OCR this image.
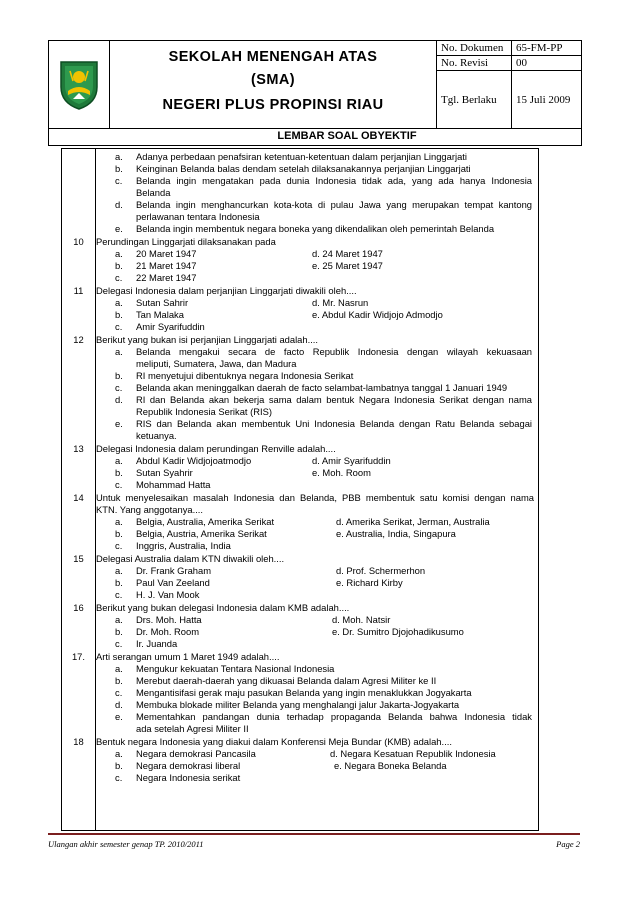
SEKOLAH MENENGAH ATAS
(SMA)
NEGERI PLUS PROPINSI RIAU
No. Dokumen	65-FM-PP
No. Revisi	00
Tgl. Berlaku	15 Juli 2009
LEMBAR SOAL OBYEKTIF
a. Adanya perbedaan penafsiran ketentuan-ketentuan dalam perjanjian Linggarjati
b. Keinginan Belanda balas dendam setelah dilaksanakannya perjanjian Linggarjati
c. Belanda ingin mengatakan pada dunia Indonesia tidak ada, yang ada hanya Indonesia
Belanda
d. Belanda ingin menghancurkan kota-kota di pulau Jawa yang merupakan tempat kantong
perlawanan tentara Indonesia
e. Belanda ingin membentuk negara boneka yang dikendalikan oleh pemerintah Belanda
10	Perundingan Linggarjati dilaksanakan pada
a. 20 Maret 1947	d. 24 Maret 1947
b. 21 Maret 1947	e. 25 Maret 1947
c. 22 Maret 1947
11	Delegasi Indonesia dalam perjanjian Linggarjati diwakili oleh....
a. Sutan Sahrir	d. Mr. Nasrun
b. Tan Malaka	e. Abdul Kadir Widjojo Admodjo
c. Amir Syarifuddin
12	Berikut yang bukan isi perjanjian Linggarjati adalah....
a. Belanda mengakui secara de facto Republik Indonesia dengan wilayah kekuasaan
meliputi, Sumatera, Jawa, dan Madura
b. RI menyetujui dibentuknya negara Indonesia Serikat
c. Belanda akan meninggalkan daerah de facto selambat-lambatnya tanggal 1 Januari 1949
d. RI dan Belanda akan bekerja sama dalam bentuk Negara Indonesia Serikat dengan nama
Republik Indonesia Serikat (RIS)
e. RIS dan Belanda akan membentuk Uni Indonesia Belanda dengan Ratu Belanda sebagai
ketuanya.
13	Delegasi Indonesia dalam perundingan Renville adalah....
a. Abdul Kadir Widjojoatmodjo	d. Amir Syarifuddin
b. Sutan Syahrir	e. Moh. Room
c. Mohammad Hatta
14	Untuk menyelesaikan masalah Indonesia dan Belanda, PBB membentuk satu komisi dengan nama
KTN. Yang anggotanya....
a. Belgia, Australia, Amerika Serikat	d. Amerika Serikat, Jerman, Australia
b. Belgia, Austria, Amerika Serikat	e. Australia, India, Singapura
c. Inggris, Australia, India
15	Delegasi Australia dalam KTN diwakili oleh....
a. Dr. Frank Graham	d. Prof. Schermerhon
b. Paul Van Zeeland	e. Richard Kirby
c. H. J. Van Mook
16	Berikut yang bukan delegasi Indonesia dalam KMB adalah....
a. Drs. Moh. Hatta	d. Moh. Natsir
b. Dr. Moh. Room	e. Dr. Sumitro Djojohadikusumo
c. Ir. Juanda
17.	Arti serangan umum 1 Maret 1949 adalah....
a. Mengukur kekuatan Tentara Nasional Indonesia
b. Merebut daerah-daerah yang dikuasai Belanda dalam Agresi Militer ke II
c. Mengantisifasi gerak maju pasukan Belanda yang ingin menaklukkan Jogyakarta
d. Membuka blokade militer Belanda yang menghalangi jalur Jakarta-Jogyakarta
e. Mementahkan pandangan dunia terhadap propaganda Belanda bahwa Indonesia tidak
ada setelah Agresi Militer II
18	Bentuk negara Indonesia yang diakui dalam Konferensi Meja Bundar (KMB) adalah....
a. Negara demokrasi Pancasila	d. Negara Kesatuan Republik Indonesia
b. Negara demokrasi liberal	e. Negara Boneka Belanda
c. Negara Indonesia serikat
Ulangan akhir semester genap TP. 2010/2011	Page 2
